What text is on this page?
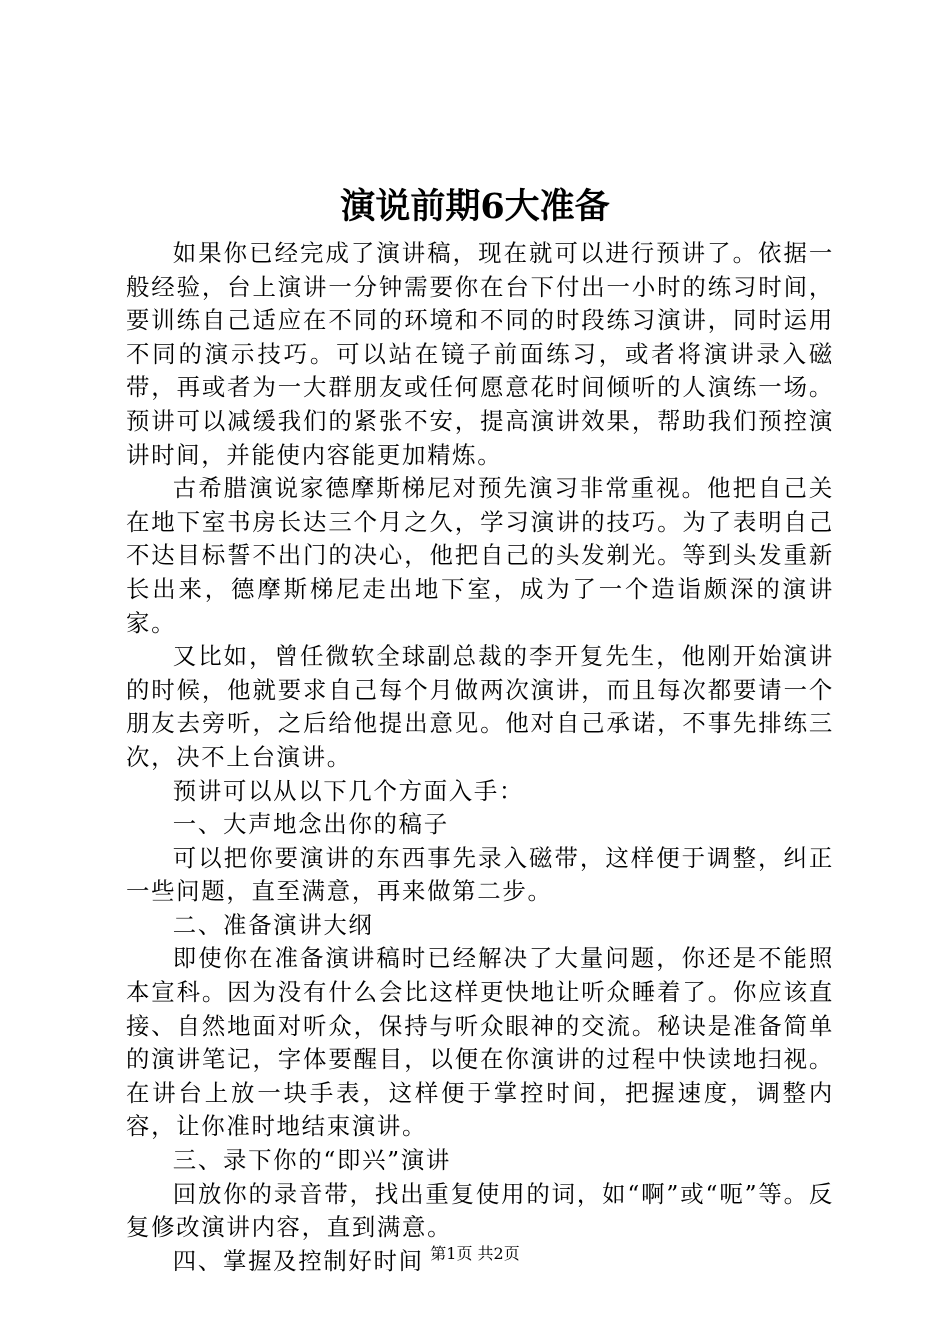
演说前期6大准备

如果你已经完成了演讲稿，现在就可以进行预讲了。依据一般经验，台上演讲一分钟需要你在台下付出一小时的练习时间，要训练自己适应在不同的环境和不同的时段练习演讲，同时运用不同的演示技巧。可以站在镜子前面练习，或者将演讲录入磁带，再或者为一大群朋友或任何愿意花时间倾听的人演练一场。预讲可以减缓我们的紧张不安，提高演讲效果，帮助我们预控演讲时间，并能使内容能更加精炼。

古希腊演说家德摩斯梯尼对预先演习非常重视。他把自己关在地下室书房长达三个月之久，学习演讲的技巧。为了表明自己不达目标誓不出门的决心，他把自己的头发剃光。等到头发重新长出来，德摩斯梯尼走出地下室，成为了一个造诣颇深的演讲家。

又比如，曾任微软全球副总裁的李开复先生，他刚开始演讲的时候，他就要求自己每个月做两次演讲，而且每次都要请一个朋友去旁听，之后给他提出意见。他对自己承诺，不事先排练三次，决不上台演讲。

预讲可以从以下几个方面入手：

一、大声地念出你的稿子

可以把你要演讲的东西事先录入磁带，这样便于调整，纠正一些问题，直至满意，再来做第二步。

二、准备演讲大纲

即使你在准备演讲稿时已经解决了大量问题，你还是不能照本宣科。因为没有什么会比这样更快地让听众睡着了。你应该直接、自然地面对听众，保持与听众眼神的交流。秘诀是准备简单的演讲笔记，字体要醒目，以便在你演讲的过程中快读地扫视。在讲台上放一块手表，这样便于掌控时间，把握速度，调整内容，让你准时地结束演讲。

三、录下你的“即兴”演讲

回放你的录音带，找出重复使用的词，如“啊”或“呃”等。反复修改演讲内容，直到满意。

四、掌握及控制好时间 第1页 共2页
